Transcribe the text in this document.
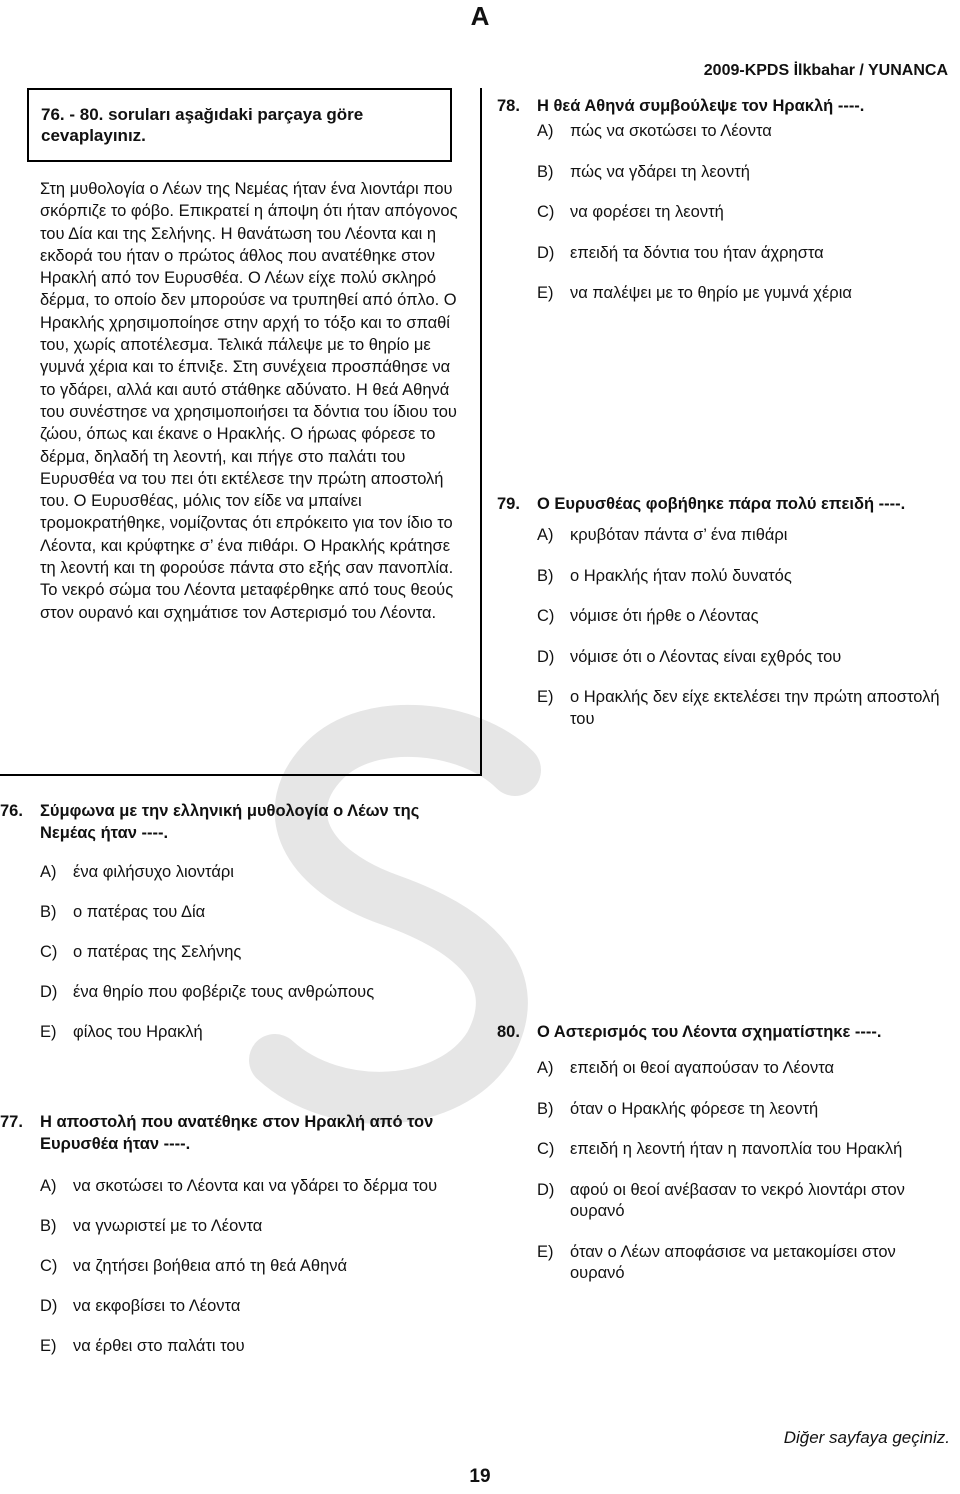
A
2009-KPDS İlkbahar / YUNANCA
76. - 80. soruları aşağıdaki parçaya göre cevaplayınız.

Στη μυθολογία ο Λέων της Νεμέας ήταν ένα λιοντάρι που σκόρπιζε το φόβο. Επικρατεί η άποψη ότι ήταν απόγονος του Δία και της Σελήνης. Η θανάτωση του Λέοντα και η εκδορά του ήταν ο πρώτος άθλος που ανατέθηκε στον Ηρακλή από τον Ευρυσθέα. Ο Λέων είχε πολύ σκληρό δέρμα, το οποίο δεν μπορούσε να τρυπηθεί από όπλο. Ο Ηρακλής χρησιμοποίησε στην αρχή το τόξο και το σπαθί του, χωρίς αποτέλεσμα. Τελικά πάλεψε με το θηρίο με γυμνά χέρια και το έπνιξε. Στη συνέχεια προσπάθησε να το γδάρει, αλλά και αυτό στάθηκε αδύνατο. Η θεά Αθηνά του συνέστησε να χρησιμοποιήσει τα δόντια του ίδιου του ζώου, όπως και έκανε ο Ηρακλής. Ο ήρωας φόρεσε το δέρμα, δηλαδή τη λεοντή, και πήγε στο παλάτι του Ευρυσθέα να του πει ότι εκτέλεσε την πρώτη αποστολή του. Ο Ευρυσθέας, μόλις τον είδε να μπαίνει τρομοκρατήθηκε, νομίζοντας ότι επρόκειτο για τον ίδιο το Λέοντα, και κρύφτηκε σ’ ένα πιθάρι. Ο Ηρακλής κράτησε τη λεοντή και τη φορούσε πάντα στο εξής σαν πανοπλία. Το νεκρό σώμα του Λέοντα μεταφέρθηκε από τους θεούς στον ουρανό και σχημάτισε τον Αστερισμό του Λέοντα.

76. Σύμφωνα με την ελληνική μυθολογία ο Λέων της Νεμέας ήταν ----.
A) ένα φιλήσυχο λιοντάρι
B) ο πατέρας του Δία
C) ο πατέρας της Σελήνης
D) ένα θηρίο που φοβέριζε τους ανθρώπους
E) φίλος του Ηρακλή
77. Η αποστολή που ανατέθηκε στον Ηρακλή από τον Ευρυσθέα ήταν ----.
A) να σκοτώσει το Λέοντα και να γδάρει το δέρμα του
B) να γνωριστεί με το Λέοντα
C) να ζητήσει βοήθεια από τη θεά Αθηνά
D) να εκφοβίσει το Λέοντα
E) να έρθει στο παλάτι του
78. Η θεά Αθηνά συμβούλεψε τον Ηρακλή ----.
A) πώς να σκοτώσει το Λέοντα
B) πώς να γδάρει τη λεοντή
C) να φορέσει τη λεοντή
D) επειδή τα δόντια του ήταν άχρηστα
E) να παλέψει με το θηρίο με γυμνά χέρια
79. Ο Ευρυσθέας φοβήθηκε πάρα πολύ επειδή ----.
A) κρυβόταν πάντα σ’ ένα πιθάρι
B) ο Ηρακλής ήταν πολύ δυνατός
C) νόμισε ότι ήρθε ο Λέοντας
D) νόμισε ότι ο Λέοντας είναι εχθρός του
E) ο Ηρακλής δεν είχε εκτελέσει την πρώτη αποστολή του
80. Ο Αστερισμός του Λέοντα σχηματίστηκε ----.
A) επειδή οι θεοί αγαπούσαν το Λέοντα
B) όταν ο Ηρακλής φόρεσε τη λεοντή
C) επειδή η λεοντή ήταν η πανοπλία του Ηρακλή
D) αφού οι θεοί ανέβασαν το νεκρό λιοντάρι στον ουρανό
E) όταν ο Λέων αποφάσισε να μετακομίσει στον ουρανό
Diğer sayfaya geçiniz.
19
